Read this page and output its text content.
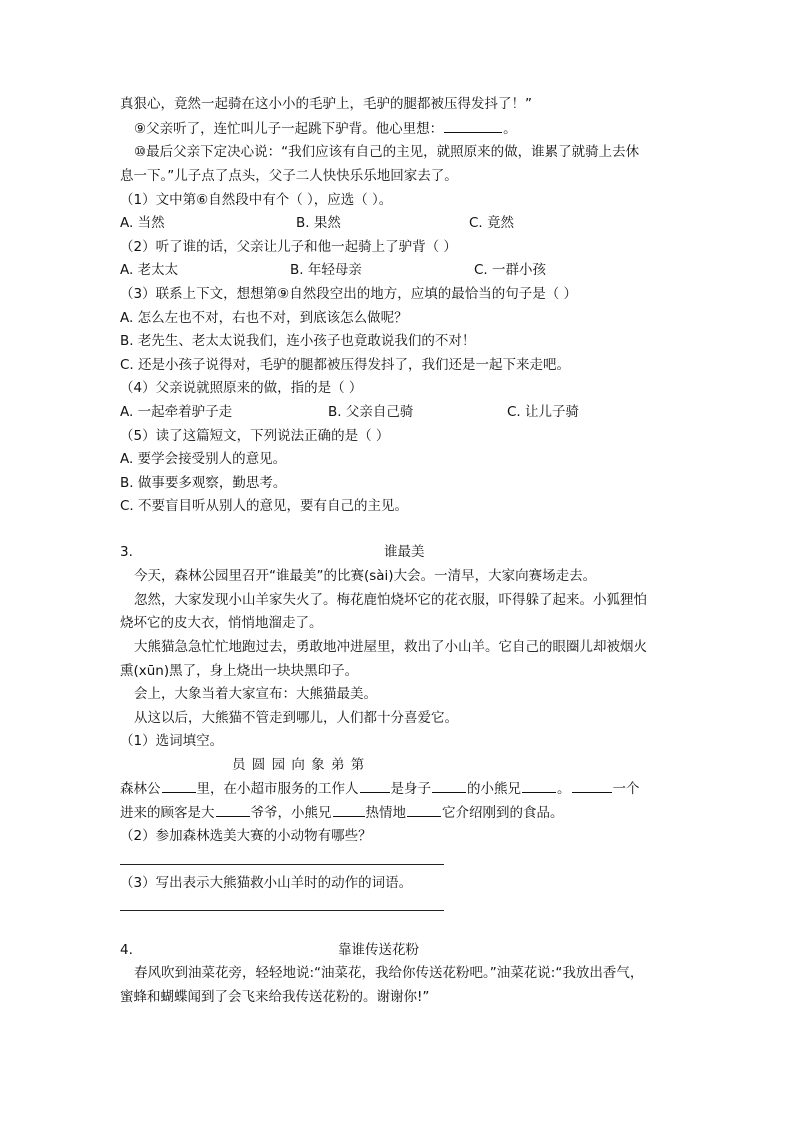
真狠心，竟然一起骑在这小小的毛驴上，毛驴的腿都被压得发抖了！”
⑨父亲听了，连忙叫儿子一起跳下驴背。他心里想：	。
⑩最后父亲下定决心说：“我们应该有自己的主见，就照原来的做，谁累了就骑上去休
息一下。”儿子点了点头，父子二人快快乐乐地回家去了。
（1）文中第⑥自然段中有个（ ），应选（ ）。
A. 当然	B. 果然	C. 竟然
（2）听了谁的话，父亲让儿子和他一起骑上了驴背（ ）
A. 老太太	B. 年轻母亲	C. 一群小孩
（3）联系上下文，想想第⑨自然段空出的地方，应填的最恰当的句子是（ ）
A. 怎么左也不对，右也不对，到底该怎么做呢？
B. 老先生、老太太说我们，连小孩子也竟敢说我们的不对！
C. 还是小孩子说得对，毛驴的腿都被压得发抖了，我们还是一起下来走吧。
（4）父亲说就照原来的做，指的是（ ）
A. 一起牵着驴子走	B. 父亲自己骑	C. 让儿子骑
（5）读了这篇短文，下列说法正确的是（ ）
A. 要学会接受别人的意见。
B. 做事要多观察，勤思考。
C. 不要盲目听从别人的意见，要有自己的主见。
3.	谁最美
今天，森林公园里召开“谁最美”的比赛(sài)大会。一清早，大家向赛场走去。
忽然，大家发现小山羊家失火了。梅花鹿怕烧坏它的花衣服，吓得躲了起来。小狐狸怕
烧坏它的皮大衣，悄悄地溜走了。
大熊猫急急忙忙地跑过去，勇敢地冲进屋里，救出了小山羊。它自己的眼圈儿却被烟火
熏(xūn)黑了，身上烧出一块块黑印子。
会上，大象当着大家宣布：大熊猫最美。
从这以后，大熊猫不管走到哪儿，人们都十分喜爱它。
（1）选词填空。
员 圆 园 向 象 弟 第
森林公	里，在小超市服务的工作人 是身子	的小熊兄	。	一个
进来的顾客是大	爷爷，小熊兄	热情地	它介绍刚到的食品。
（2）参加森林选美大赛的小动物有哪些？
（3）写出表示大熊猫救小山羊时的动作的词语。
4.	靠谁传送花粉
春风吹到油菜花旁，轻轻地说:“油菜花，我给你传送花粉吧。”油菜花说:“我放出香气，
蜜蜂和蝴蝶闻到了会飞来给我传送花粉的。谢谢你!”
